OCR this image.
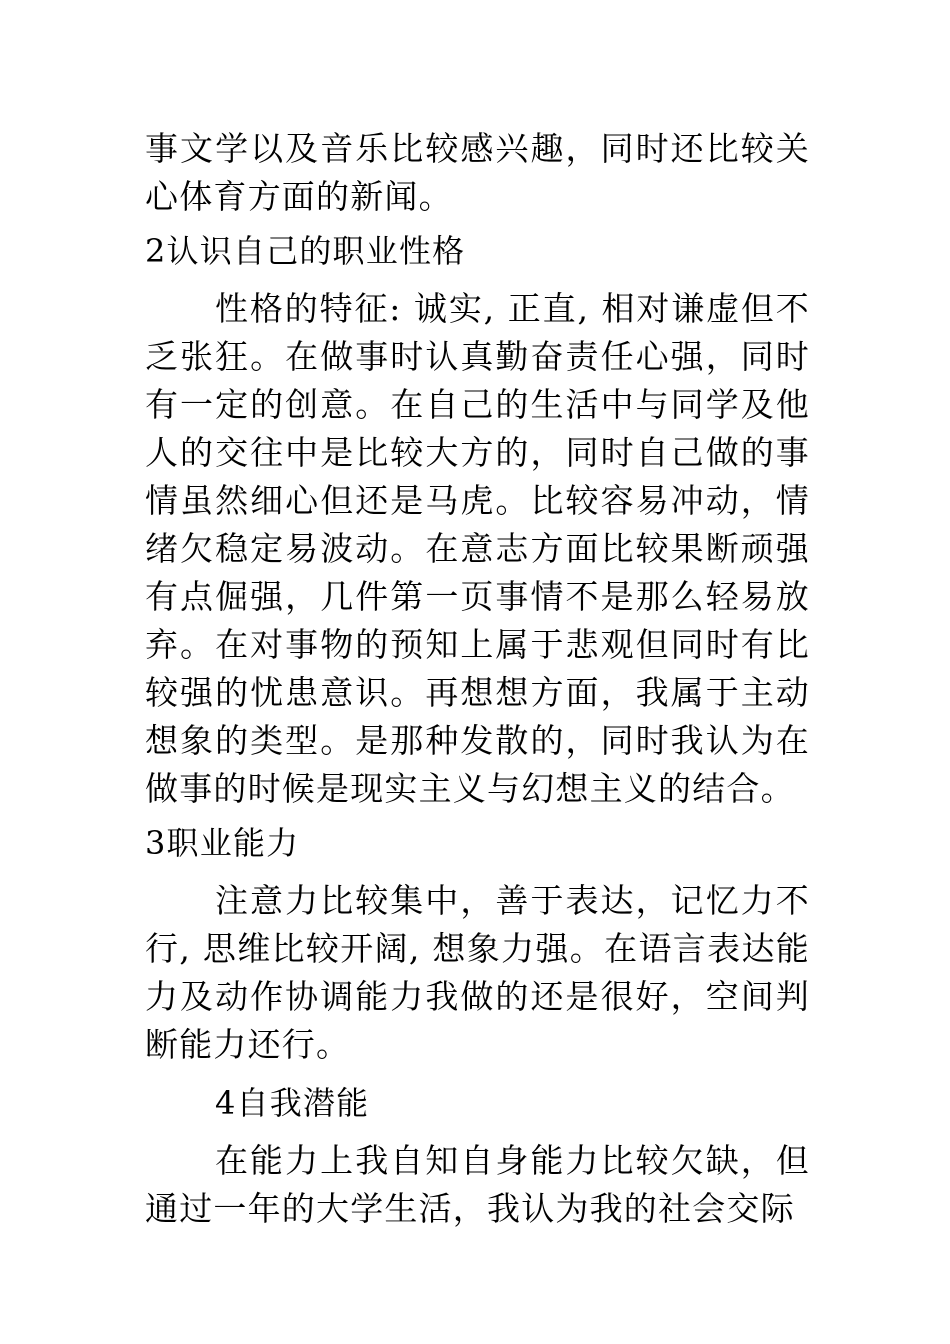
事文学以及音乐比较感兴趣，同时还比较关心体育方面的新闻。

2认识自己的职业性格

性格的特征: 诚实, 正直, 相对谦虚但不乏张狂。在做事时认真勤奋责任心强，同时有一定的创意。在自己的生活中与同学及他人的交往中是比较大方的，同时自己做的事情虽然细心但还是马虎。比较容易冲动，情绪欠稳定易波动。在意志方面比较果断顽强有点倔强，几件第一页事情不是那么轻易放弃。在对事物的预知上属于悲观但同时有比较强的忧患意识。再想想方面，我属于主动想象的类型。是那种发散的，同时我认为在做事的时候是现实主义与幻想主义的结合。

3职业能力

注意力比较集中，善于表达，记忆力不行, 思维比较开阔, 想象力强。在语言表达能力及动作协调能力我做的还是很好，空间判断能力还行。

4自我潜能

在能力上我自知自身能力比较欠缺，但通过一年的大学生活，我认为我的社会交际
